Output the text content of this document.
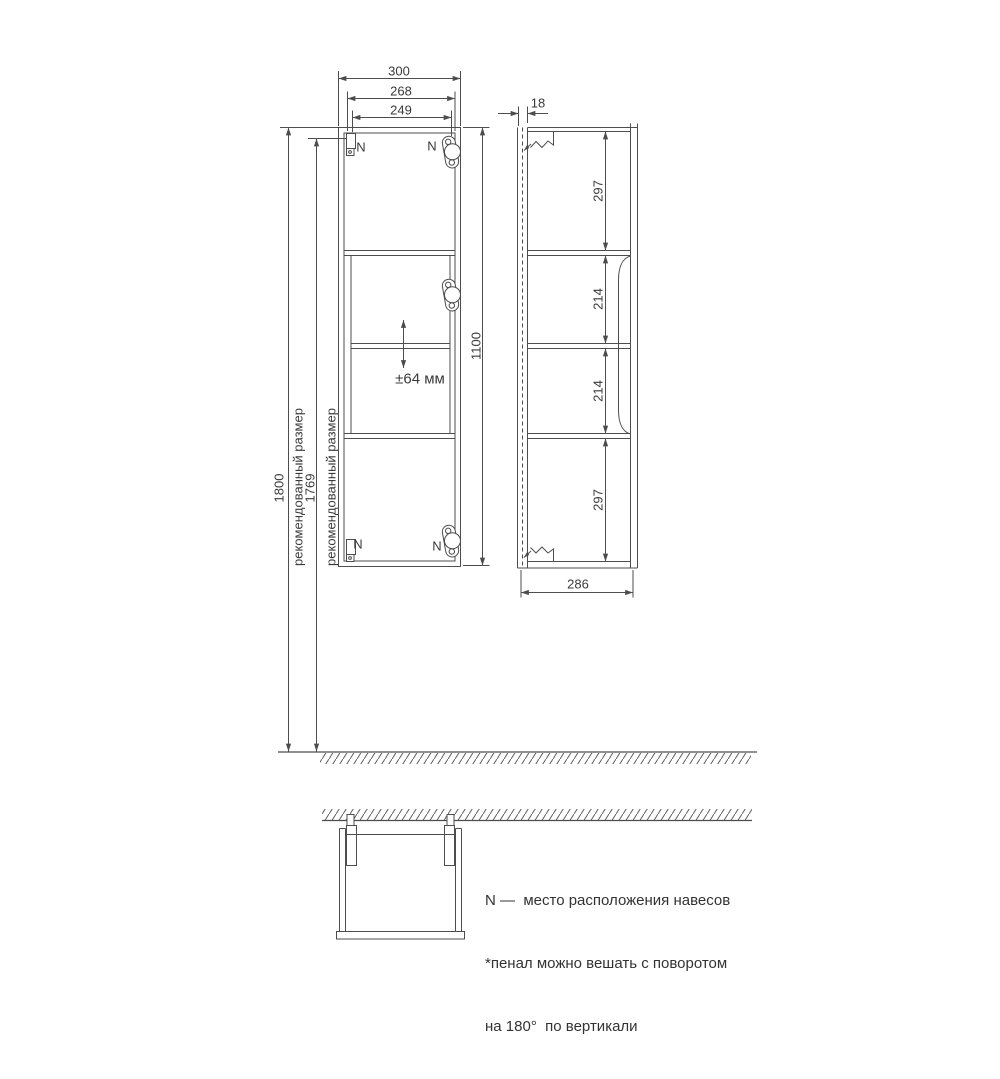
300
268
249
1800 рекомендованный размер
1769 рекомендованный размер
1100
±64 мм
N	N
N	N
18
286
297
214
214
297

N —  место расположения навесов

*пенал можно вешать с поворотом

на 180°  по вертикали
